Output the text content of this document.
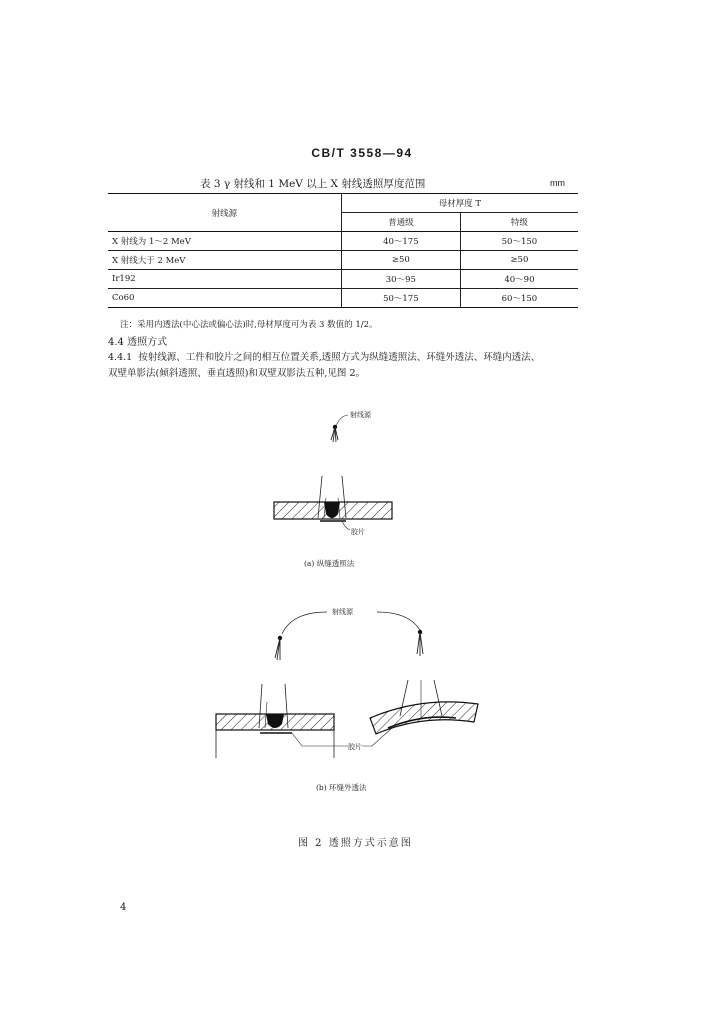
CB/T 3558—94
表 3 γ 射线和 1 MeV 以上 X 射线透照厚度范围	mm
射线源	母材厚度 T	
	普通级	特级
X 射线为 1～2 MeV	40～175	50～150
X 射线大于 2 MeV	≥50	≥50
Ir192	30～95	40～90
Co60	50～175	60～150
注：采用内透法(中心法或偏心法)时,母材厚度可为表 3 数值的 1/2。
4.4 透照方式
4.4.1 按射线源、工件和胶片之间的相互位置关系,透照方式为纵缝透照法、环缝外透法、环缝内透法、
双壁单影法(倾斜透照、垂直透照)和双壁双影法五种,见图 2。
射线源
胶片
(a) 纵缝透照法
射线源
胶片
(b) 环缝外透法
图 2 透照方式示意图
4
